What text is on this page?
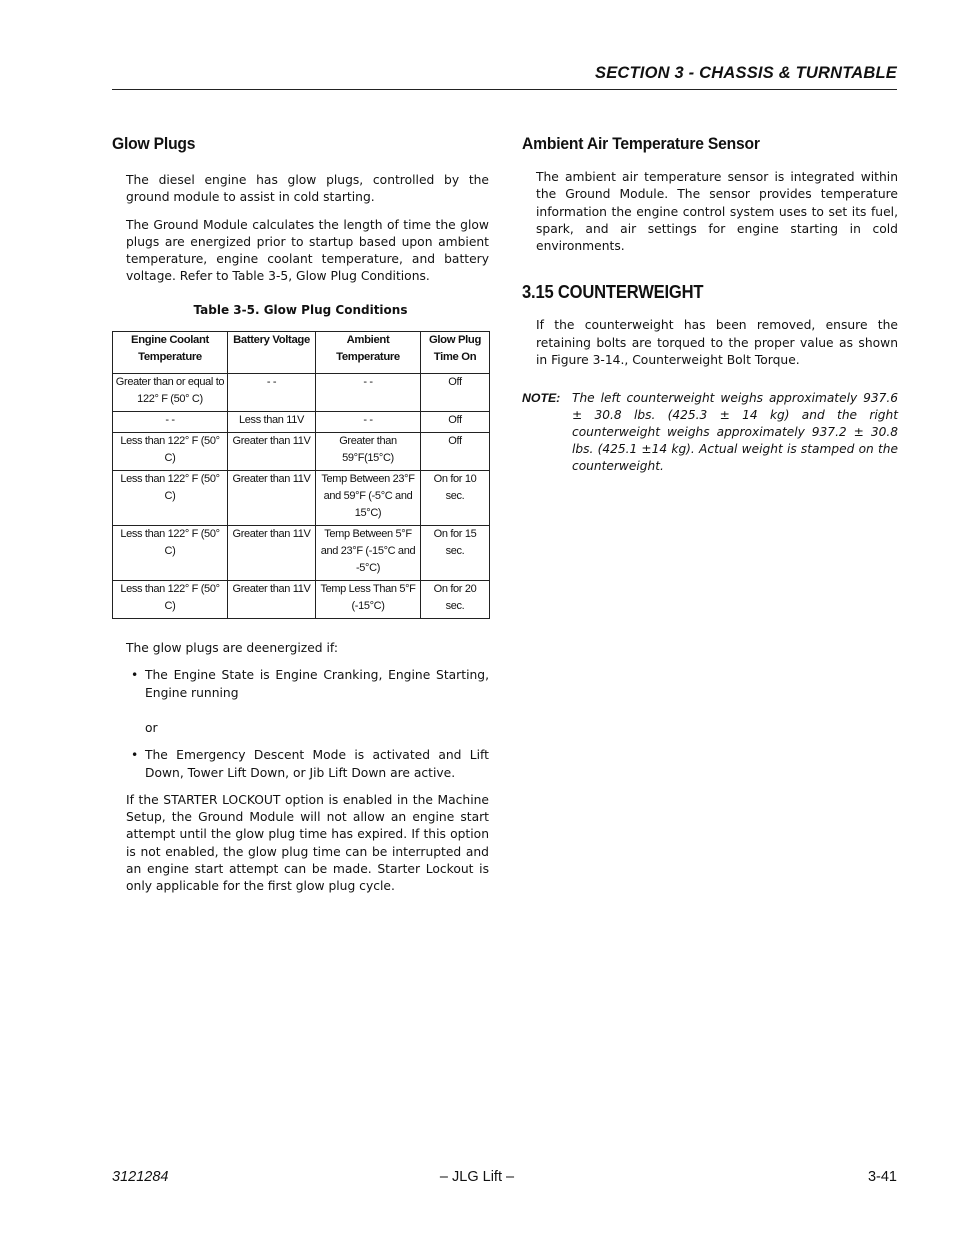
SECTION 3 - CHASSIS & TURNTABLE
Glow Plugs

The diesel engine has glow plugs, controlled by the ground module to assist in cold starting.

The Ground Module calculates the length of time the glow plugs are energized prior to startup based upon ambient temperature, engine coolant temperature, and battery voltage. Refer to Table 3-5, Glow Plug Conditions.

Table 3-5. Glow Plug Conditions

Engine Coolant Temperature	Battery Voltage	Ambient Temperature	Glow Plug Time On
Greater than or equal to 122° F (50° C)	- -	- -	Off
- -	Less than 11V	- -	Off
Less than 122° F (50° C)	Greater than 11V	Greater than 59°F(15°C)	Off
Less than 122° F (50° C)	Greater than 11V	Temp Between 23°F and 59°F (-5°C and 15°C)	On for 10 sec.
Less than 122° F (50° C)	Greater than 11V	Temp Between 5°F and 23°F (-15°C and -5°C)	On for 15 sec.
Less than 122° F (50° C)	Greater than 11V	Temp Less Than 5°F (-15°C)	On for 20 sec.

The glow plugs are deenergized if:

• The Engine State is Engine Cranking, Engine Starting, Engine running

or

• The Emergency Descent Mode is activated and Lift Down, Tower Lift Down, or Jib Lift Down are active.

If the STARTER LOCKOUT option is enabled in the Machine Setup, the Ground Module will not allow an engine start attempt until the glow plug time has expired. If this option is not enabled, the glow plug time can be interrupted and an engine start attempt can be made. Starter Lockout is only applicable for the first glow plug cycle.

Ambient Air Temperature Sensor

The ambient air temperature sensor is integrated within the Ground Module. The sensor provides temperature information the engine control system uses to set its fuel, spark, and air settings for engine starting in cold environments.

3.15 COUNTERWEIGHT

If the counterweight has been removed, ensure the retaining bolts are torqued to the proper value as shown in Figure 3-14., Counterweight Bolt Torque.

NOTE: The left counterweight weighs approximately 937.6 ± 30.8 lbs. (425.3 ± 14 kg) and the right counterweight weighs approximately 937.2 ± 30.8 lbs. (425.1 ±14 kg). Actual weight is stamped on the counterweight.
3121284	– JLG Lift –	3-41
